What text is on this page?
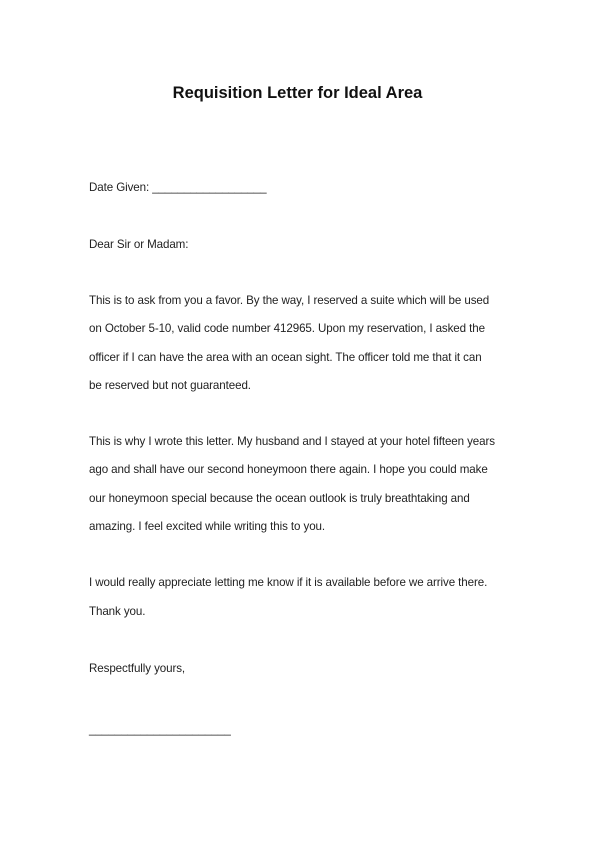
Requisition Letter for Ideal Area
Date Given: __________________
Dear Sir or Madam:
This is to ask from you a favor. By the way, I reserved a suite which will be used
on October 5-10, valid code number 412965. Upon my reservation, I asked the
officer if I can have the area with an ocean sight. The officer told me that it can
be reserved but not guaranteed.
This is why I wrote this letter. My husband and I stayed at your hotel fifteen years
ago and shall have our second honeymoon there again. I hope you could make
our honeymoon special because the ocean outlook is truly breathtaking and
amazing. I feel excited while writing this to you.
I would really appreciate letting me know if it is available before we arrive there.
Thank you.
Respectfully yours,
______________________
